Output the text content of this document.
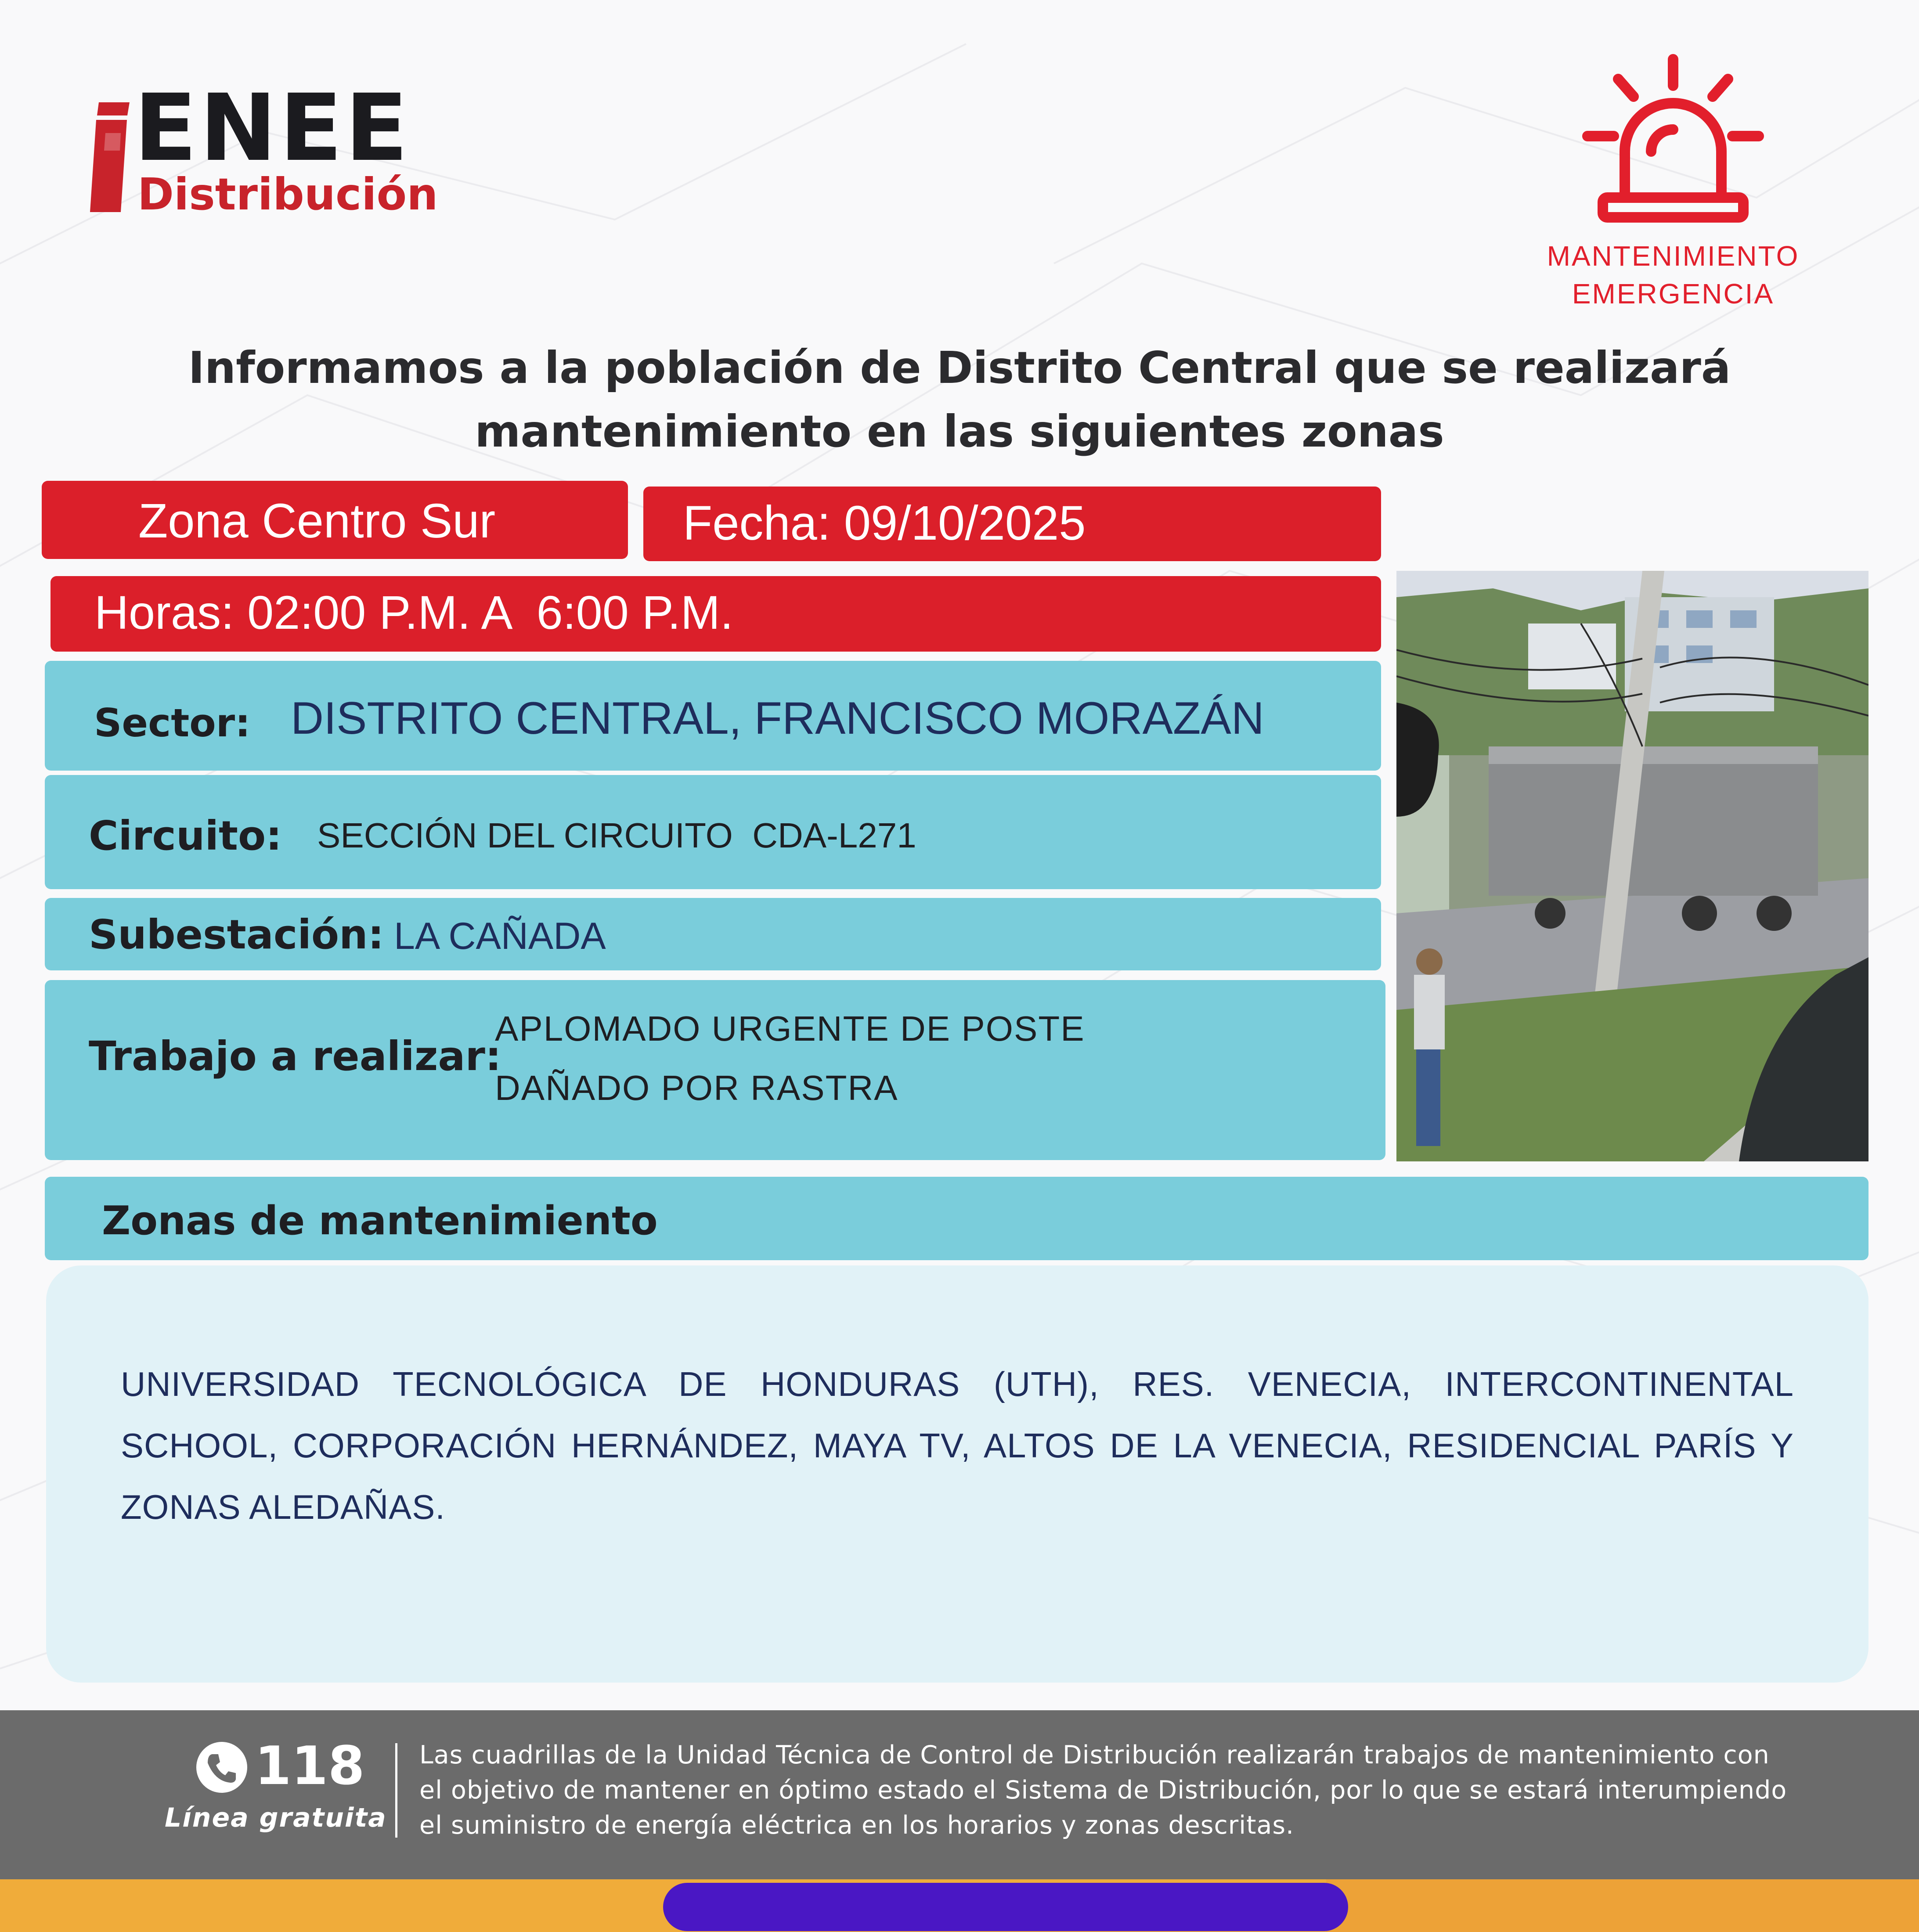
ENEE
Distribución
MANTENIMIENTO
EMERGENCIA
Informamos a la población de Distrito Central que se realizará
mantenimiento en las siguientes zonas
Zona Centro Sur	Fecha: 09/10/2025
Horas: 02:00 P.M. A  6:00 P.M.
Sector: DISTRITO CENTRAL, FRANCISCO MORAZÁN
Circuito: SECCIÓN DEL CIRCUITO  CDA-L271
Subestación: LA CAÑADA
Trabajo a realizar:
APLOMADO URGENTE DE POSTE
DAÑADO POR RASTRA
Zonas de mantenimiento
UNIVERSIDAD TECNOLÓGICA DE HONDURAS (UTH), RES. VENECIA, INTERCONTINENTAL SCHOOL, CORPORACIÓN HERNÁNDEZ, MAYA TV, ALTOS DE LA VENECIA, RESIDENCIAL PARÍS Y ZONAS ALEDAÑAS.
118
Línea gratuita
Las cuadrillas de la Unidad Técnica de Control de Distribución realizarán trabajos de mantenimiento con
el objetivo de mantener en óptimo estado el Sistema de Distribución, por lo que se estará interumpiendo
el suministro de energía eléctrica en los horarios y zonas descritas.
